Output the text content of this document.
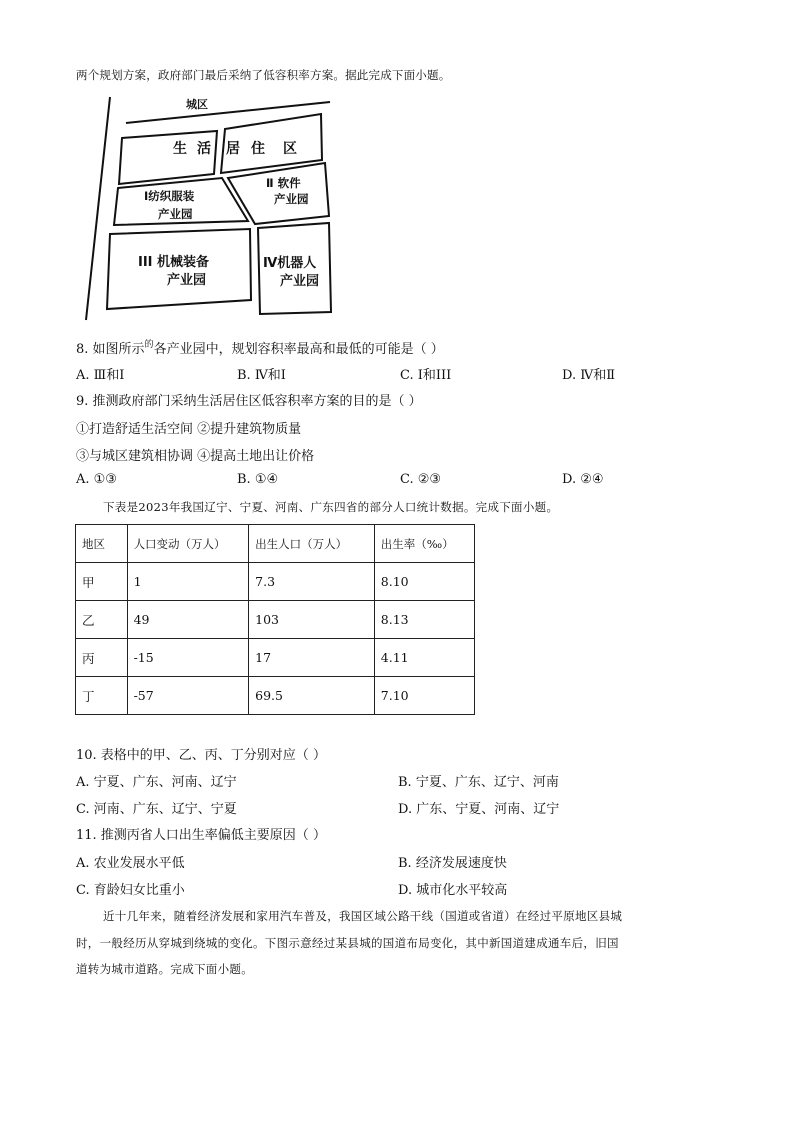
两个规划方案，政府部门最后采纳了低容积率方案。据此完成下面小题。
城区
生 活 居 住 区
Ⅰ纺织服装
产业园
Ⅱ 软件
产业园
III 机械装备
产业园
Ⅳ机器人
产业园
8. 如图所示$^的$各产业园中，规划容积率最高和最低的可能是（ ）
A. Ⅲ和Ⅰ	B. Ⅳ和Ⅰ	C. Ⅰ和III	D. Ⅳ和Ⅱ
9. 推测政府部门采纳生活居住区低容积率方案的目的是（ ）
①打造舒适生活空间 ②提升建筑物质量
③与城区建筑相协调 ④提高土地出让价格
A. ①③	B. ①④	C. ②③	D. ②④
下表是2023年我国辽宁、宁夏、河南、广东四省的部分人口统计数据。完成下面小题。
地区	人口变动（万人）	出生人口（万人）	出生率（‰）
甲	1	7.3	8.10
乙	49	103	8.13
丙	-15	17	4.11
丁	-57	69.5	7.10
10. 表格中的甲、乙、丙、丁分别对应（ ）
A. 宁夏、广东、河南、辽宁	B. 宁夏、广东、辽宁、河南
C. 河南、广东、辽宁、宁夏	D. 广东、宁夏、河南、辽宁
11. 推测丙省人口出生率偏低主要原因（ ）
A. 农业发展水平低	B. 经济发展速度快
C. 育龄妇女比重小	D. 城市化水平较高
近十几年来，随着经济发展和家用汽车普及，我国区域公路干线（国道或省道）在经过平原地区县城
时，一般经历从穿城到绕城的变化。下图示意经过某县城的国道布局变化，其中新国道建成通车后，旧国
道转为城市道路。完成下面小题。
